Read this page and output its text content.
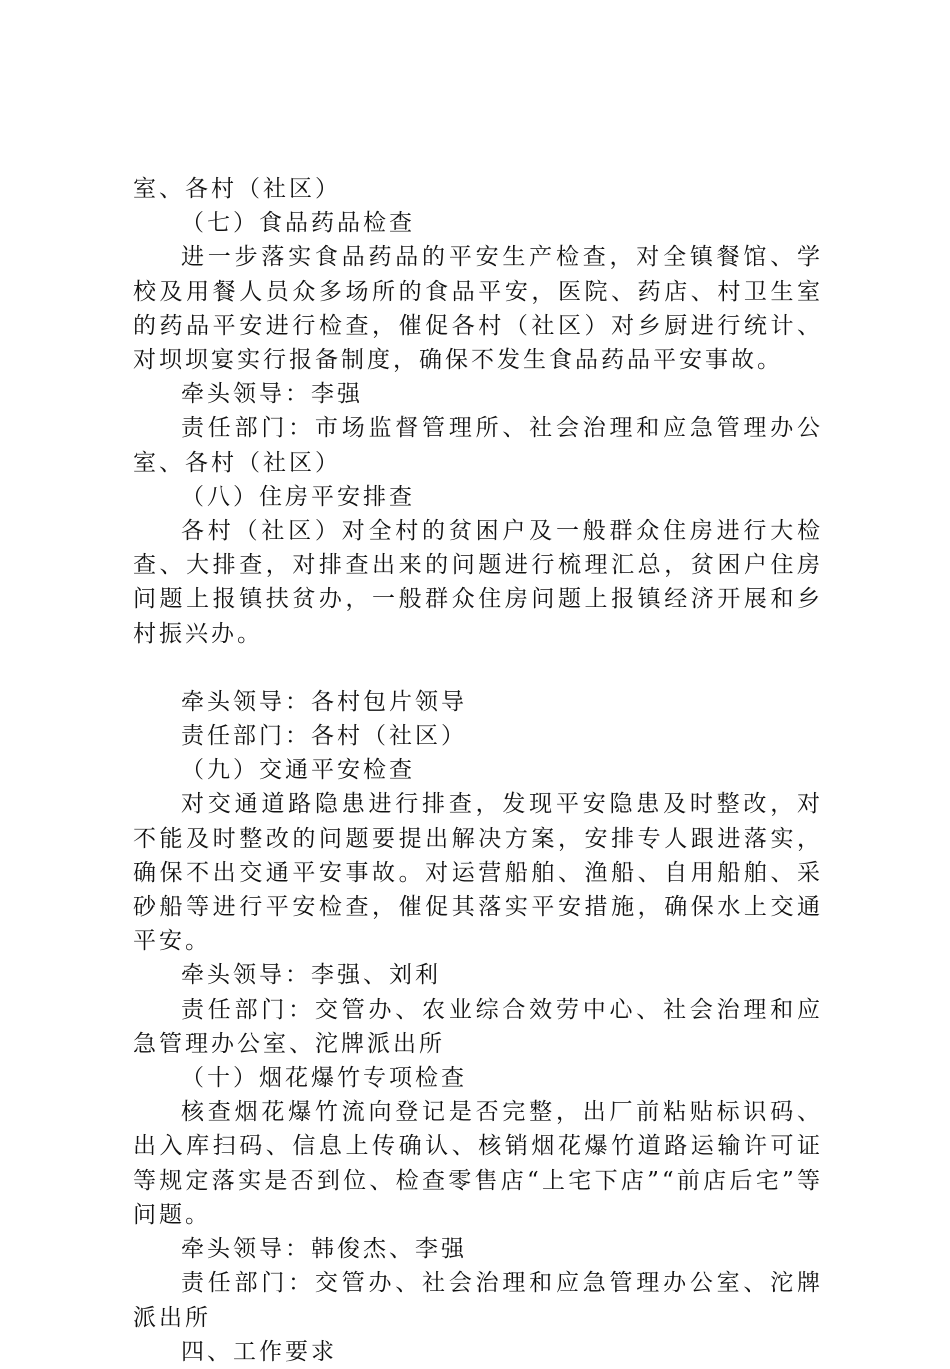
室、各村（社区）

（七）食品药品检查

进一步落实食品药品的平安生产检查，对全镇餐馆、学校及用餐人员众多场所的食品平安，医院、药店、村卫生室的药品平安进行检查，催促各村（社区）对乡厨进行统计、对坝坝宴实行报备制度，确保不发生食品药品平安事故。

牵头领导：李强

责任部门：市场监督管理所、社会治理和应急管理办公室、各村（社区）

（八）住房平安排查

各村（社区）对全村的贫困户及一般群众住房进行大检查、大排查，对排查出来的问题进行梳理汇总，贫困户住房问题上报镇扶贫办，一般群众住房问题上报镇经济开展和乡村振兴办。

牵头领导：各村包片领导

责任部门：各村（社区）

（九）交通平安检查

对交通道路隐患进行排查，发现平安隐患及时整改，对不能及时整改的问题要提出解决方案，安排专人跟进落实，确保不出交通平安事故。对运营船舶、渔船、自用船舶、采砂船等进行平安检查，催促其落实平安措施，确保水上交通平安。

牵头领导：李强、刘利

责任部门：交管办、农业综合效劳中心、社会治理和应急管理办公室、沱牌派出所

（十）烟花爆竹专项检查

核查烟花爆竹流向登记是否完整，出厂前粘贴标识码、出入库扫码、信息上传确认、核销烟花爆竹道路运输许可证等规定落实是否到位、检查零售店“上宅下店”“前店后宅”等问题。

牵头领导：韩俊杰、李强

责任部门：交管办、社会治理和应急管理办公室、沱牌派出所

四、工作要求
